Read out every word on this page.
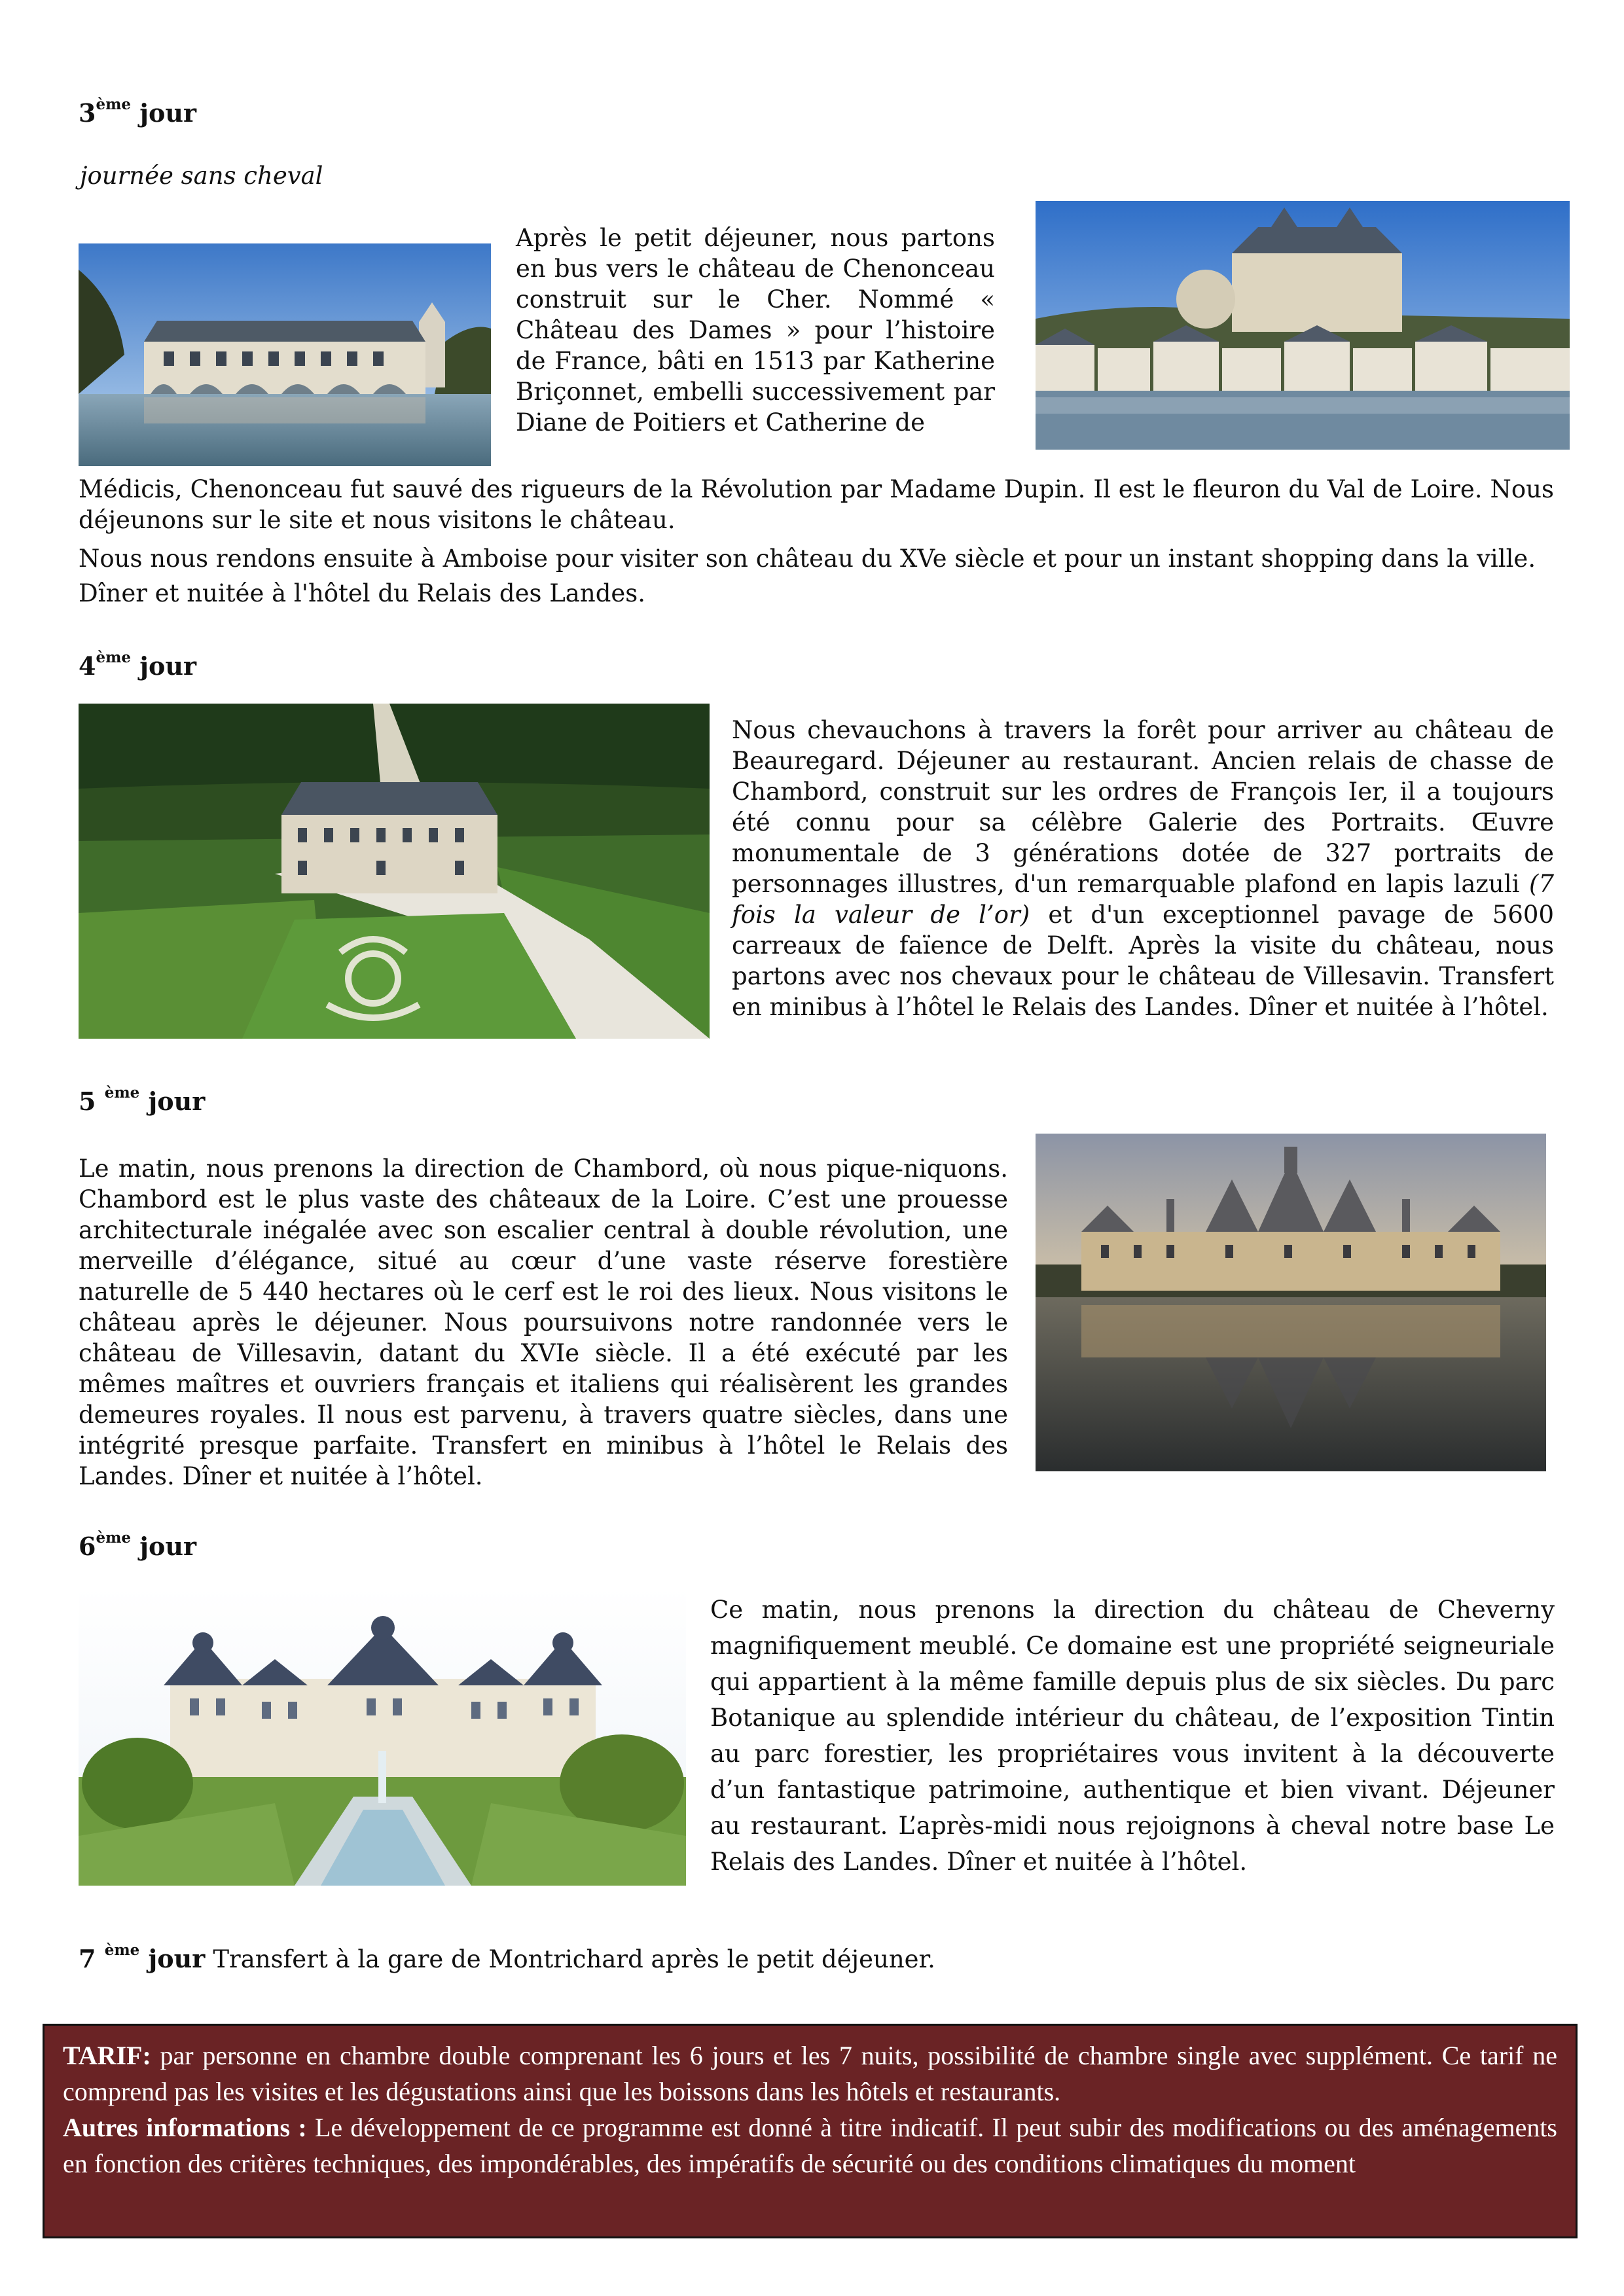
3ème jour
journée sans cheval
Après le petit déjeuner, nous partons en bus vers le château de Chenonceau construit sur le Cher. Nommé « Château des Dames » pour l’histoire de France, bâti en 1513 par Katherine Briçonnet, embelli successivement par Diane de Poitiers et Catherine de
Médicis, Chenonceau fut sauvé des rigueurs de la Révolution par Madame Dupin. Il est le fleuron du Val de Loire. Nous déjeunons sur le site et nous visitons le château.
Nous nous rendons ensuite à Amboise pour visiter son château du XVe siècle et pour un instant shopping dans la ville.
Dîner et nuitée à l'hôtel du Relais des Landes.
4ème jour
Nous chevauchons à travers la forêt pour arriver au château de Beauregard. Déjeuner au restaurant. Ancien relais de chasse de Chambord, construit sur les ordres de François Ier, il a toujours été connu pour sa célèbre Galerie des Portraits. Œuvre monumentale de 3 générations dotée de 327 portraits de personnages illustres, d'un remarquable plafond en lapis lazuli (7 fois la valeur de l’or) et d'un exceptionnel pavage de 5600 carreaux de faïence de Delft. Après la visite du château, nous partons avec nos chevaux pour le château de Villesavin. Transfert en minibus à l’hôtel le Relais des Landes. Dîner et nuitée à l’hôtel.
5 $^{ème}$ jour
Le matin, nous prenons la direction de Chambord, où nous pique-niquons. Chambord est le plus vaste des châteaux de la Loire. C’est une prouesse architecturale inégalée avec son escalier central à double révolution, une merveille d’élégance, situé au cœur d’une vaste réserve forestière naturelle de 5 440 hectares où le cerf est le roi des lieux. Nous visitons le château après le déjeuner. Nous poursuivons notre randonnée vers le château de Villesavin, datant du XVIe siècle. Il a été exécuté par les mêmes maîtres et ouvriers français et italiens qui réalisèrent les grandes demeures royales. Il nous est parvenu, à travers quatre siècles, dans une intégrité presque parfaite. Transfert en minibus à l’hôtel le Relais des Landes. Dîner et nuitée à l’hôtel.
6ème jour
Ce matin, nous prenons la direction du château de Cheverny magnifiquement meublé. Ce domaine est une propriété seigneuriale qui appartient à la même famille depuis plus de six siècles. Du parc Botanique au splendide intérieur du château, de l’exposition Tintin au parc forestier, les propriétaires vous invitent à la découverte d’un fantastique patrimoine, authentique et bien vivant. Déjeuner au restaurant. L’après-midi nous rejoignons à cheval notre base Le Relais des Landes. Dîner et nuitée à l’hôtel.
7 $^{ème}$ jour Transfert à la gare de Montrichard après le petit déjeuner.
TARIF: par personne en chambre double comprenant les 6 jours et les 7 nuits, possibilité de chambre single avec supplément. Ce tarif ne comprend pas les visites et les dégustations ainsi que les boissons dans les hôtels et restaurants.
Autres informations : Le développement de ce programme est donné à titre indicatif. Il peut subir des modifications ou des aménagements en fonction des critères techniques, des impondérables, des impératifs de sécurité ou des conditions climatiques du moment
